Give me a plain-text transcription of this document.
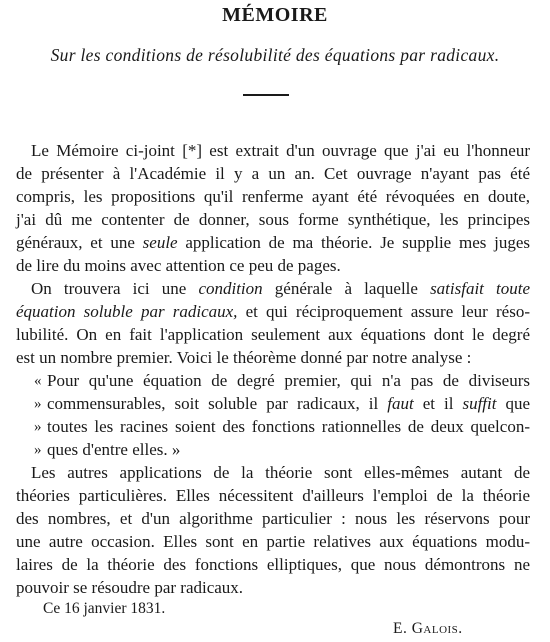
MÉMOIRE
Sur les conditions de résolubilité des équations par radicaux.
Le Mémoire ci-joint [*] est extrait d'un ouvrage que j'ai eu l'honneur
de présenter à l'Académie il y a un an. Cet ouvrage n'ayant pas été
compris, les propositions qu'il renferme ayant été révoquées en doute,
j'ai dû me contenter de donner, sous forme synthétique, les principes
généraux, et une seule application de ma théorie. Je supplie mes juges
de lire du moins avec attention ce peu de pages.
On trouvera ici une condition générale à laquelle satisfait toute
équation soluble par radicaux, et qui réciproquement assure leur réso-
lubilité. On en fait l'application seulement aux équations dont le degré
est un nombre premier. Voici le théorème donné par notre analyse :
« Pour qu'une équation de degré premier, qui n'a pas de diviseurs
» commensurables, soit soluble par radicaux, il faut et il suffit que
» toutes les racines soient des fonctions rationnelles de deux quelcon-
» ques d'entre elles. »
Les autres applications de la théorie sont elles-mêmes autant de
théories particulières. Elles nécessitent d'ailleurs l'emploi de la théorie
des nombres, et d'un algorithme particulier : nous les réservons pour
une autre occasion. Elles sont en partie relatives aux équations modu-
laires de la théorie des fonctions elliptiques, que nous démontrons ne
pouvoir se résoudre par radicaux.
Ce 16 janvier 1831.
E. Galois.
